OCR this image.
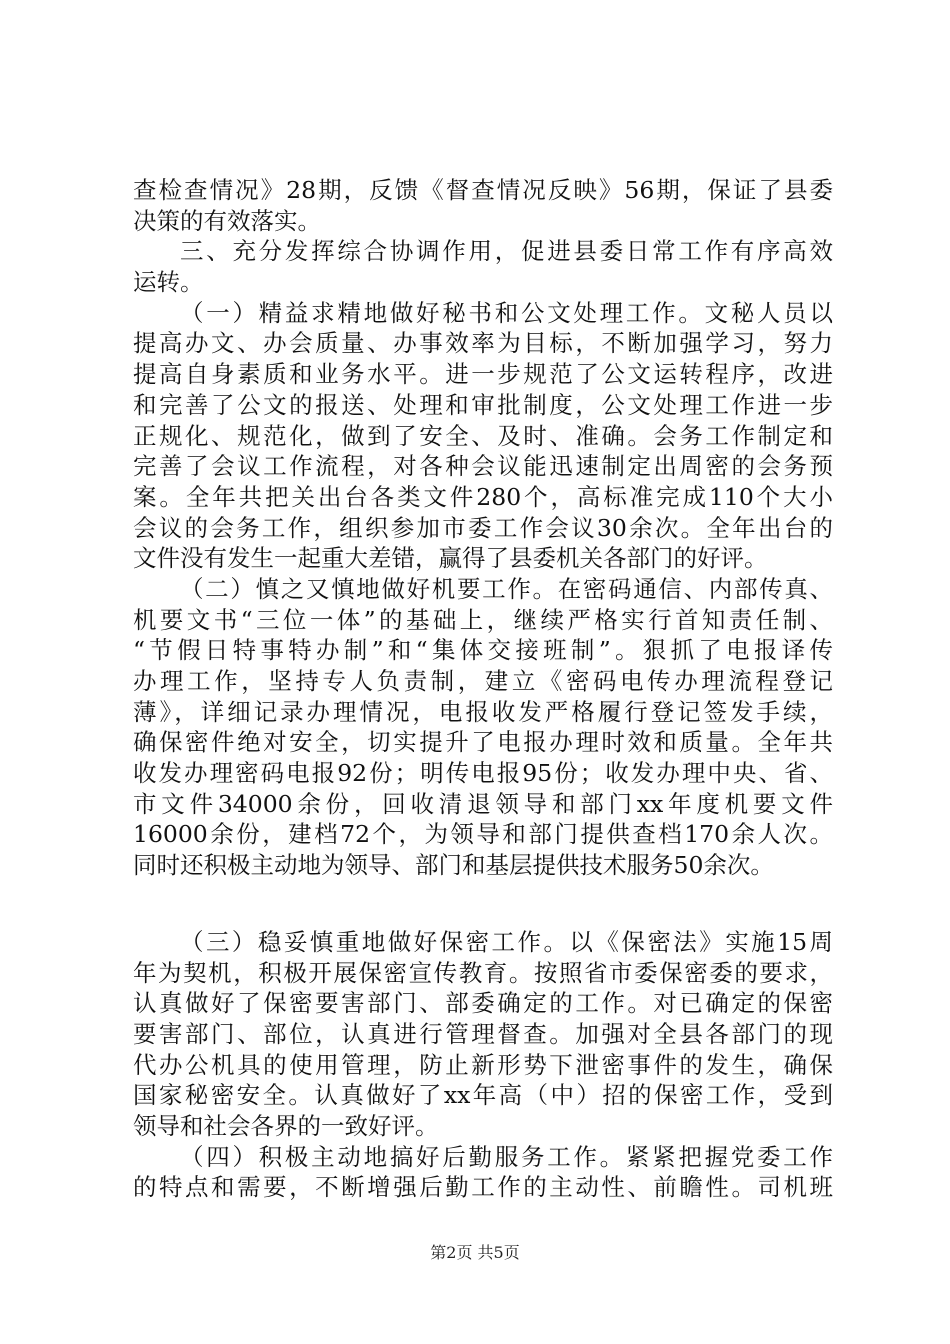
查检查情况》28期，反馈《督查情况反映》56期，保证了县委
决策的有效落实。
三、充分发挥综合协调作用，促进县委日常工作有序高效
运转。
（一）精益求精地做好秘书和公文处理工作。文秘人员以
提高办文、办会质量、办事效率为目标，不断加强学习，努力
提高自身素质和业务水平。进一步规范了公文运转程序，改进
和完善了公文的报送、处理和审批制度，公文处理工作进一步
正规化、规范化，做到了安全、及时、准确。会务工作制定和
完善了会议工作流程，对各种会议能迅速制定出周密的会务预
案。全年共把关出台各类文件280个，高标准完成110个大小
会议的会务工作，组织参加市委工作会议30余次。全年出台的
文件没有发生一起重大差错，赢得了县委机关各部门的好评。
（二）慎之又慎地做好机要工作。在密码通信、内部传真、
机要文书“三位一体”的基础上，继续严格实行首知责任制、
“节假日特事特办制”和“集体交接班制”。狠抓了电报译传
办理工作，坚持专人负责制，建立《密码电传办理流程登记
薄》，详细记录办理情况，电报收发严格履行登记签发手续，
确保密件绝对安全，切实提升了电报办理时效和质量。全年共
收发办理密码电报92份；明传电报95份；收发办理中央、省、
市文件34000余份，回收清退领导和部门xx年度机要文件
16000余份，建档72个，为领导和部门提供查档170余人次。
同时还积极主动地为领导、部门和基层提供技术服务50余次。
（三）稳妥慎重地做好保密工作。以《保密法》实施15周
年为契机，积极开展保密宣传教育。按照省市委保密委的要求，
认真做好了保密要害部门、部委确定的工作。对已确定的保密
要害部门、部位，认真进行管理督查。加强对全县各部门的现
代办公机具的使用管理，防止新形势下泄密事件的发生，确保
国家秘密安全。认真做好了xx年高（中）招的保密工作，受到
领导和社会各界的一致好评。
（四）积极主动地搞好后勤服务工作。紧紧把握党委工作
的特点和需要，不断增强后勤工作的主动性、前瞻性。司机班
第2页 共5页
